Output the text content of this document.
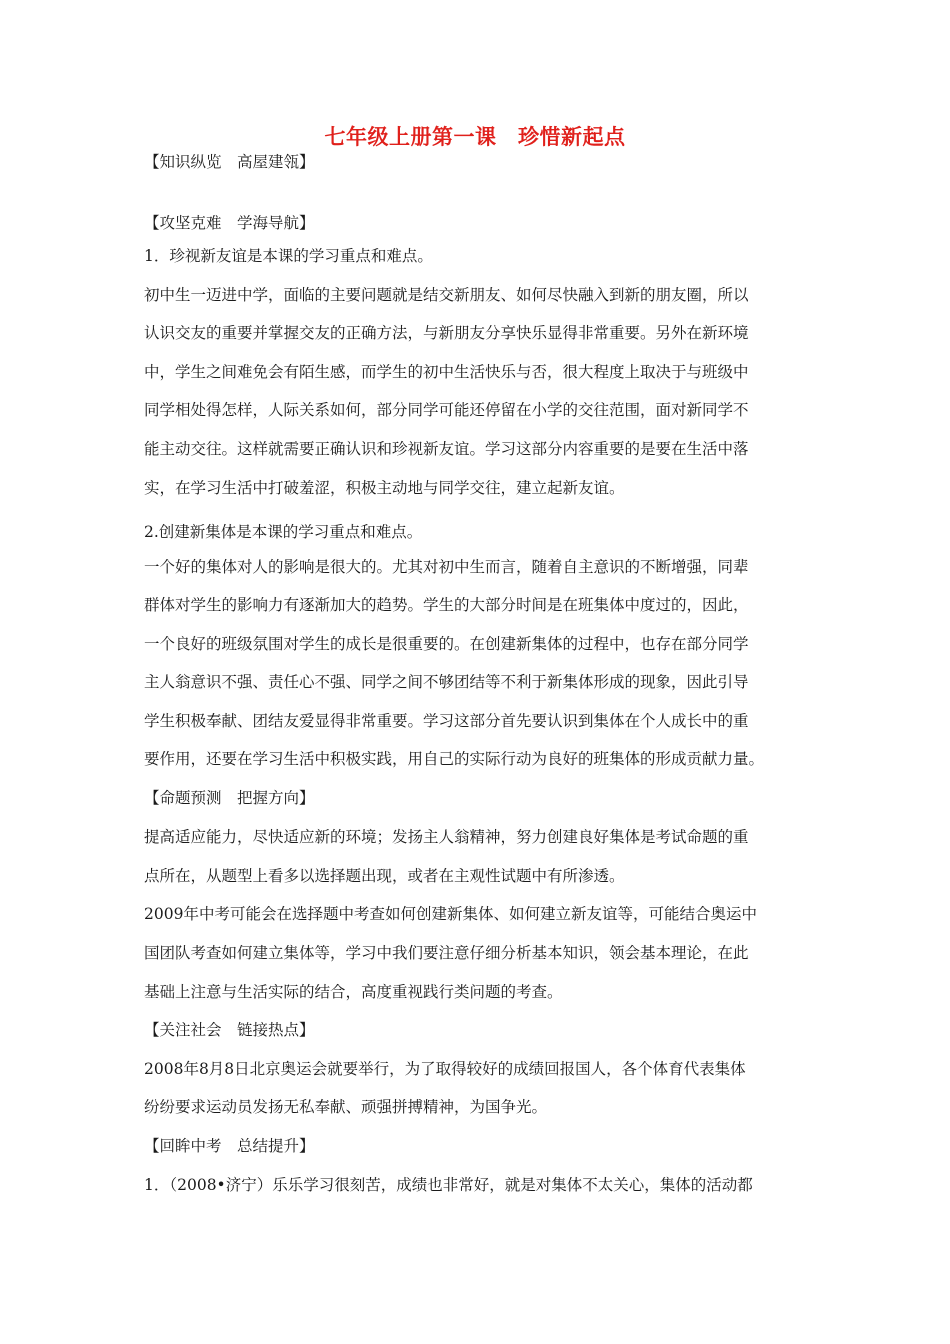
七年级上册第一课　珍惜新起点
【知识纵览　高屋建瓴】
【攻坚克难　学海导航】
1．珍视新友谊是本课的学习重点和难点。
初中生一迈进中学，面临的主要问题就是结交新朋友、如何尽快融入到新的朋友圈，所以
认识交友的重要并掌握交友的正确方法，与新朋友分享快乐显得非常重要。另外在新环境
中，学生之间难免会有陌生感，而学生的初中生活快乐与否，很大程度上取决于与班级中
同学相处得怎样，人际关系如何，部分同学可能还停留在小学的交往范围，面对新同学不
能主动交往。这样就需要正确认识和珍视新友谊。学习这部分内容重要的是要在生活中落
实，在学习生活中打破羞涩，积极主动地与同学交往，建立起新友谊。
2.创建新集体是本课的学习重点和难点。
一个好的集体对人的影响是很大的。尤其对初中生而言，随着自主意识的不断增强，同辈
群体对学生的影响力有逐渐加大的趋势。学生的大部分时间是在班集体中度过的，因此，
一个良好的班级氛围对学生的成长是很重要的。在创建新集体的过程中，也存在部分同学
主人翁意识不强、责任心不强、同学之间不够团结等不利于新集体形成的现象，因此引导
学生积极奉献、团结友爱显得非常重要。学习这部分首先要认识到集体在个人成长中的重
要作用，还要在学习生活中积极实践，用自己的实际行动为良好的班集体的形成贡献力量。
【命题预测　把握方向】
提高适应能力，尽快适应新的环境；发扬主人翁精神，努力创建良好集体是考试命题的重
点所在，从题型上看多以选择题出现，或者在主观性试题中有所渗透。
2009年中考可能会在选择题中考查如何创建新集体、如何建立新友谊等，可能结合奥运中
国团队考查如何建立集体等，学习中我们要注意仔细分析基本知识，领会基本理论，在此
基础上注意与生活实际的结合，高度重视践行类问题的考查。
【关注社会　链接热点】
2008年8月8日北京奥运会就要举行，为了取得较好的成绩回报国人，各个体育代表集体
纷纷要求运动员发扬无私奉献、顽强拼搏精神，为国争光。
【回眸中考　总结提升】
1．（2008•济宁）乐乐学习很刻苦，成绩也非常好，就是对集体不太关心，集体的活动都
